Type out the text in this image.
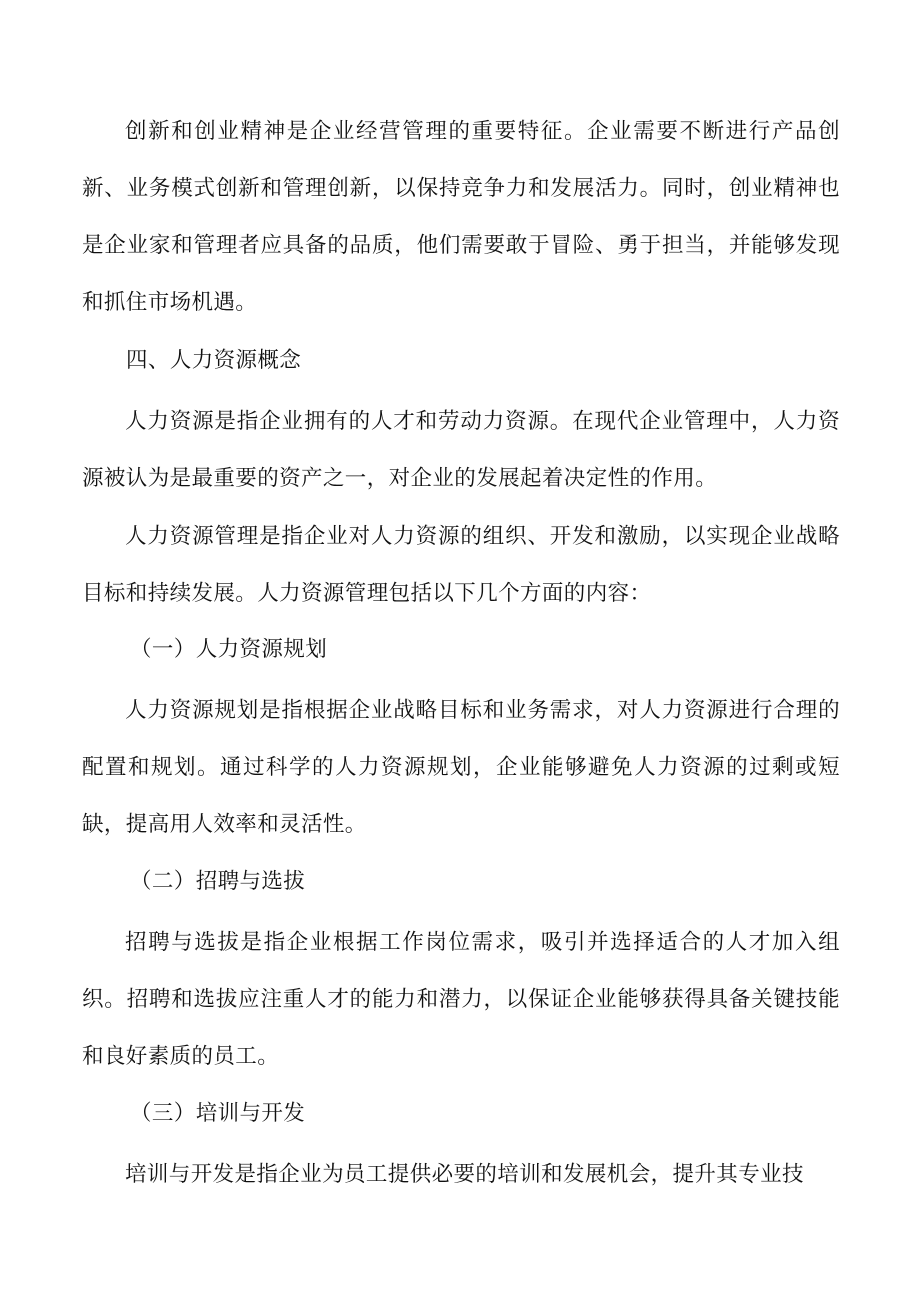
创新和创业精神是企业经营管理的重要特征。企业需要不断进行产品创新、业务模式创新和管理创新，以保持竞争力和发展活力。同时，创业精神也是企业家和管理者应具备的品质，他们需要敢于冒险、勇于担当，并能够发现和抓住市场机遇。

四、人力资源概念

人力资源是指企业拥有的人才和劳动力资源。在现代企业管理中，人力资源被认为是最重要的资产之一，对企业的发展起着决定性的作用。

人力资源管理是指企业对人力资源的组织、开发和激励，以实现企业战略目标和持续发展。人力资源管理包括以下几个方面的内容：

（一）人力资源规划

人力资源规划是指根据企业战略目标和业务需求，对人力资源进行合理的配置和规划。通过科学的人力资源规划，企业能够避免人力资源的过剩或短缺，提高用人效率和灵活性。

（二）招聘与选拔

招聘与选拔是指企业根据工作岗位需求，吸引并选择适合的人才加入组织。招聘和选拔应注重人才的能力和潜力，以保证企业能够获得具备关键技能和良好素质的员工。

（三）培训与开发

培训与开发是指企业为员工提供必要的培训和发展机会，提升其专业技
